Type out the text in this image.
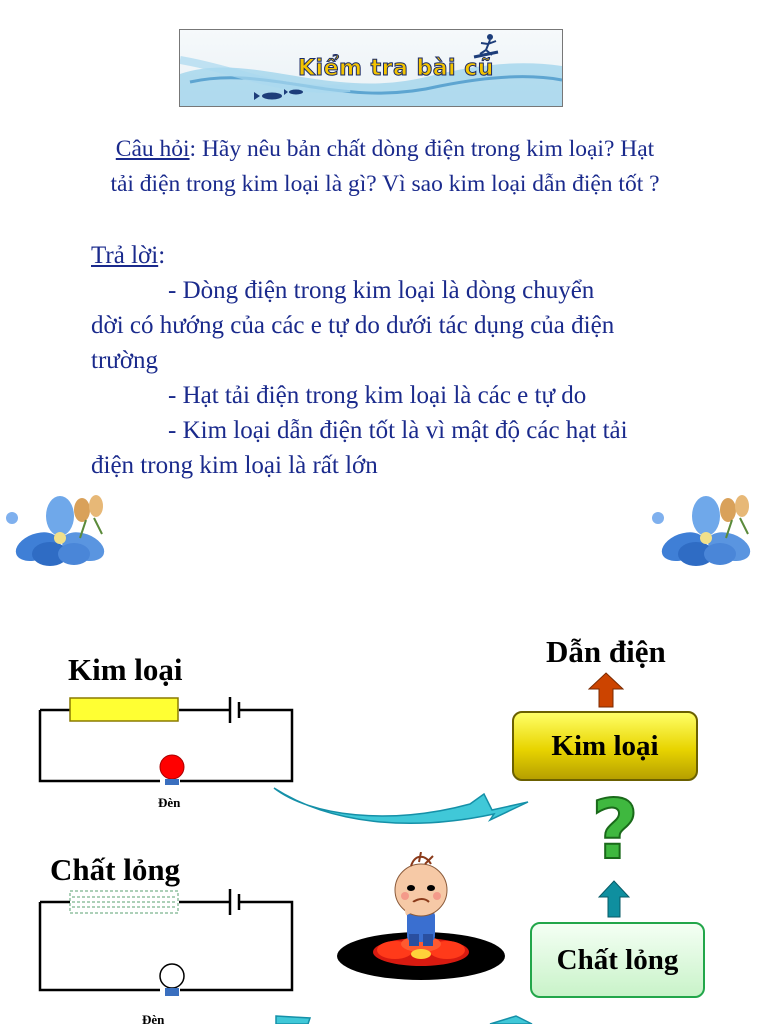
Kiểm tra bài cũ
Câu hỏi: Hãy nêu bản chất dòng điện trong kim loại? Hạt
tải điện trong kim loại là gì? Vì sao kim loại dẫn điện tốt ?
Trả lời:
- Dòng điện trong kim loại là dòng chuyển
dời có hướng của các e tự do dưới tác dụng của điện
trường
- Hạt tải điện trong kim loại là các e tự do
- Kim loại dẫn điện tốt là vì mật độ các hạt tải
điện trong kim loại là rất lớn
Kim loại
Đèn
Chất lỏng
Đèn
Dẫn điện
Kim loại
?
Chất lỏng
